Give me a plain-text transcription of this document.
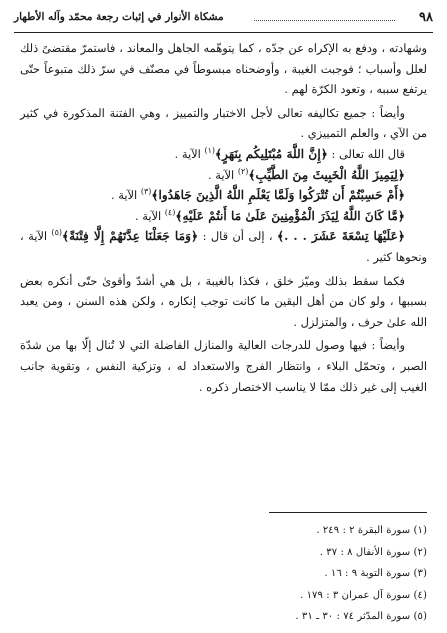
٩٨
مشكاة الأنوار في إثبات رجعة محمّد وآله الأطهار

وشهادته ، ودفع به الإكراه عن جدّه ، كما يتوهّمه الجاهل والمعاند ، فاستمرّ مقتضىً ذلك لعلل وأسباب ؛ فوجبت الغيبة ، وأوضحناه مبسوطاً في مصنّف في سرّ ذلك متبوعاً حتّى يرتفع سببه ، وتعود الكرّة لهم .

وأيضاً : جميع تكاليفه تعالى لأجل الاختبار والتمييز ، وهي الفتنة المذكورة في كثير من الآي ، والعلم التمييزي .

قال الله تعالى : ﴿إِنَّ اللَّهَ مُبْتَلِيكُم بِنَهَرٍ﴾$^{(١)}$ الآية .

﴿لِيَمِيزَ اللَّهُ الْخَبِيثَ مِنَ الطَّيِّبِ﴾$^{(٢)}$ الآية .

﴿أَمْ حَسِبْتُمْ أَن تُتْرَكُوا وَلَمَّا يَعْلَمِ اللَّهُ الَّذِينَ جَاهَدُوا﴾$^{(٣)}$ الآية .

﴿مَّا كَانَ اللَّهُ لِيَذَرَ الْمُؤْمِنِينَ عَلَىٰ مَا أَنتُمْ عَلَيْهِ﴾$^{(٤)}$ الآية .

﴿عَلَيْهَا تِسْعَةَ عَشَرَ . . .﴾ ، إلى أن قال : ﴿وَمَا جَعَلْنَا عِدَّتَهُمْ إِلَّا فِتْنَةً﴾$^{(٥)}$ الآية ، ونحوها كثير .

فكما سقط بذلك وميّز خلق ، فكذا بالغيبة ، بل هي أشدّ وأقوىٰ حتّى أنكره بعض بسببها ، ولو كان من أهل اليقين ما كانت توجب إنكاره ، ولكن هذه السنن ، ومن يعبد الله علىٰ حرف ، والمتزلزل .

وأيضاً : فيها وصول للدرجات العالية والمنازل الفاضلة التي لا تُنال إلّا بها من شدّة الصبر ، وتحمّل البلاء ، وانتظار الفرج والاستعداد له ، وتزكية النفس ، وتقوية جانب الغيب إلى غير ذلك ممّا لا يناسب الاختصار ذكره .

(١) سورة البقرة ٢ : ٢٤٩ .
(٢) سورة الأنفال ٨ : ٣٧ .
(٣) سورة التوبة ٩ : ١٦ .
(٤) سورة آل عمران ٣ : ١٧٩ .
(٥) سورة المدّثر ٧٤ : ٣٠ ـ ٣١ .
